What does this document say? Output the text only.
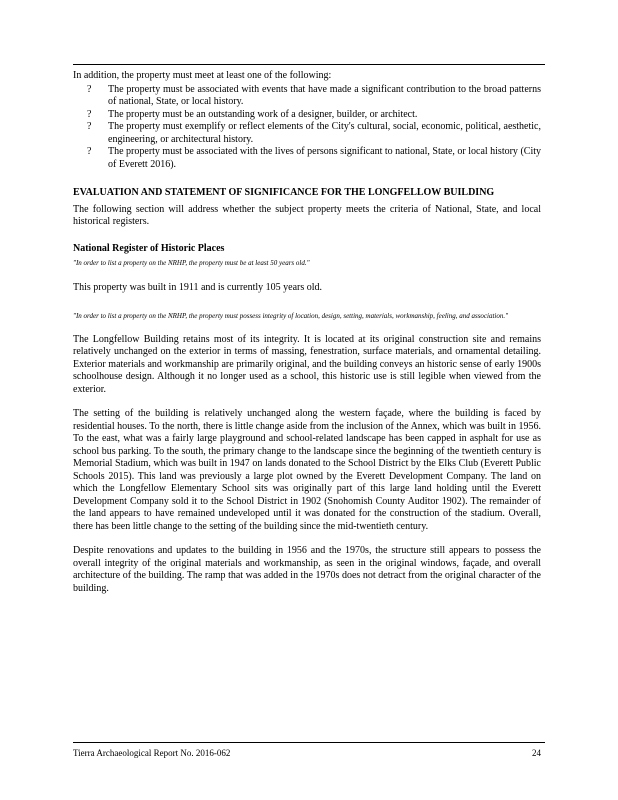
In addition, the property must meet at least one of the following:

? The property must be associated with events that have made a significant contribution to the broad patterns of national, State, or local history.
? The property must be an outstanding work of a designer, builder, or architect.
? The property must exemplify or reflect elements of the City's cultural, social, economic, political, aesthetic, engineering, or architectural history.
? The property must be associated with the lives of persons significant to national, State, or local history (City of Everett 2016).
EVALUATION AND STATEMENT OF SIGNIFICANCE FOR THE LONGFELLOW BUILDING

The following section will address whether the subject property meets the criteria of National, State, and local historical registers.

National Register of Historic Places

"In order to list a property on the NRHP, the property must be at least 50 years old."

This property was built in 1911 and is currently 105 years old.

"In order to list a property on the NRHP, the property must possess integrity of location, design, setting, materials, workmanship, feeling, and association."

The Longfellow Building retains most of its integrity. It is located at its original construction site and remains relatively unchanged on the exterior in terms of massing, fenestration, surface materials, and ornamental detailing. Exterior materials and workmanship are primarily original, and the building conveys an historic sense of early 1900s schoolhouse design. Although it no longer used as a school, this historic use is still legible when viewed from the exterior.

The setting of the building is relatively unchanged along the western façade, where the building is faced by residential houses. To the north, there is little change aside from the inclusion of the Annex, which was built in 1956. To the east, what was a fairly large playground and school-related landscape has been capped in asphalt for use as school bus parking. To the south, the primary change to the landscape since the beginning of the twentieth century is Memorial Stadium, which was built in 1947 on lands donated to the School District by the Elks Club (Everett Public Schools 2015). This land was previously a large plot owned by the Everett Development Company. The land on which the Longfellow Elementary School sits was originally part of this large land holding until the Everett Development Company sold it to the School District in 1902 (Snohomish County Auditor 1902). The remainder of the land appears to have remained undeveloped until it was donated for the construction of the stadium. Overall, there has been little change to the setting of the building since the mid-twentieth century.

Despite renovations and updates to the building in 1956 and the 1970s, the structure still appears to possess the overall integrity of the original materials and workmanship, as seen in the original windows, façade, and overall architecture of the building. The ramp that was added in the 1970s does not detract from the original character of the building.

Tierra Archaeological Report No. 2016-062	24
